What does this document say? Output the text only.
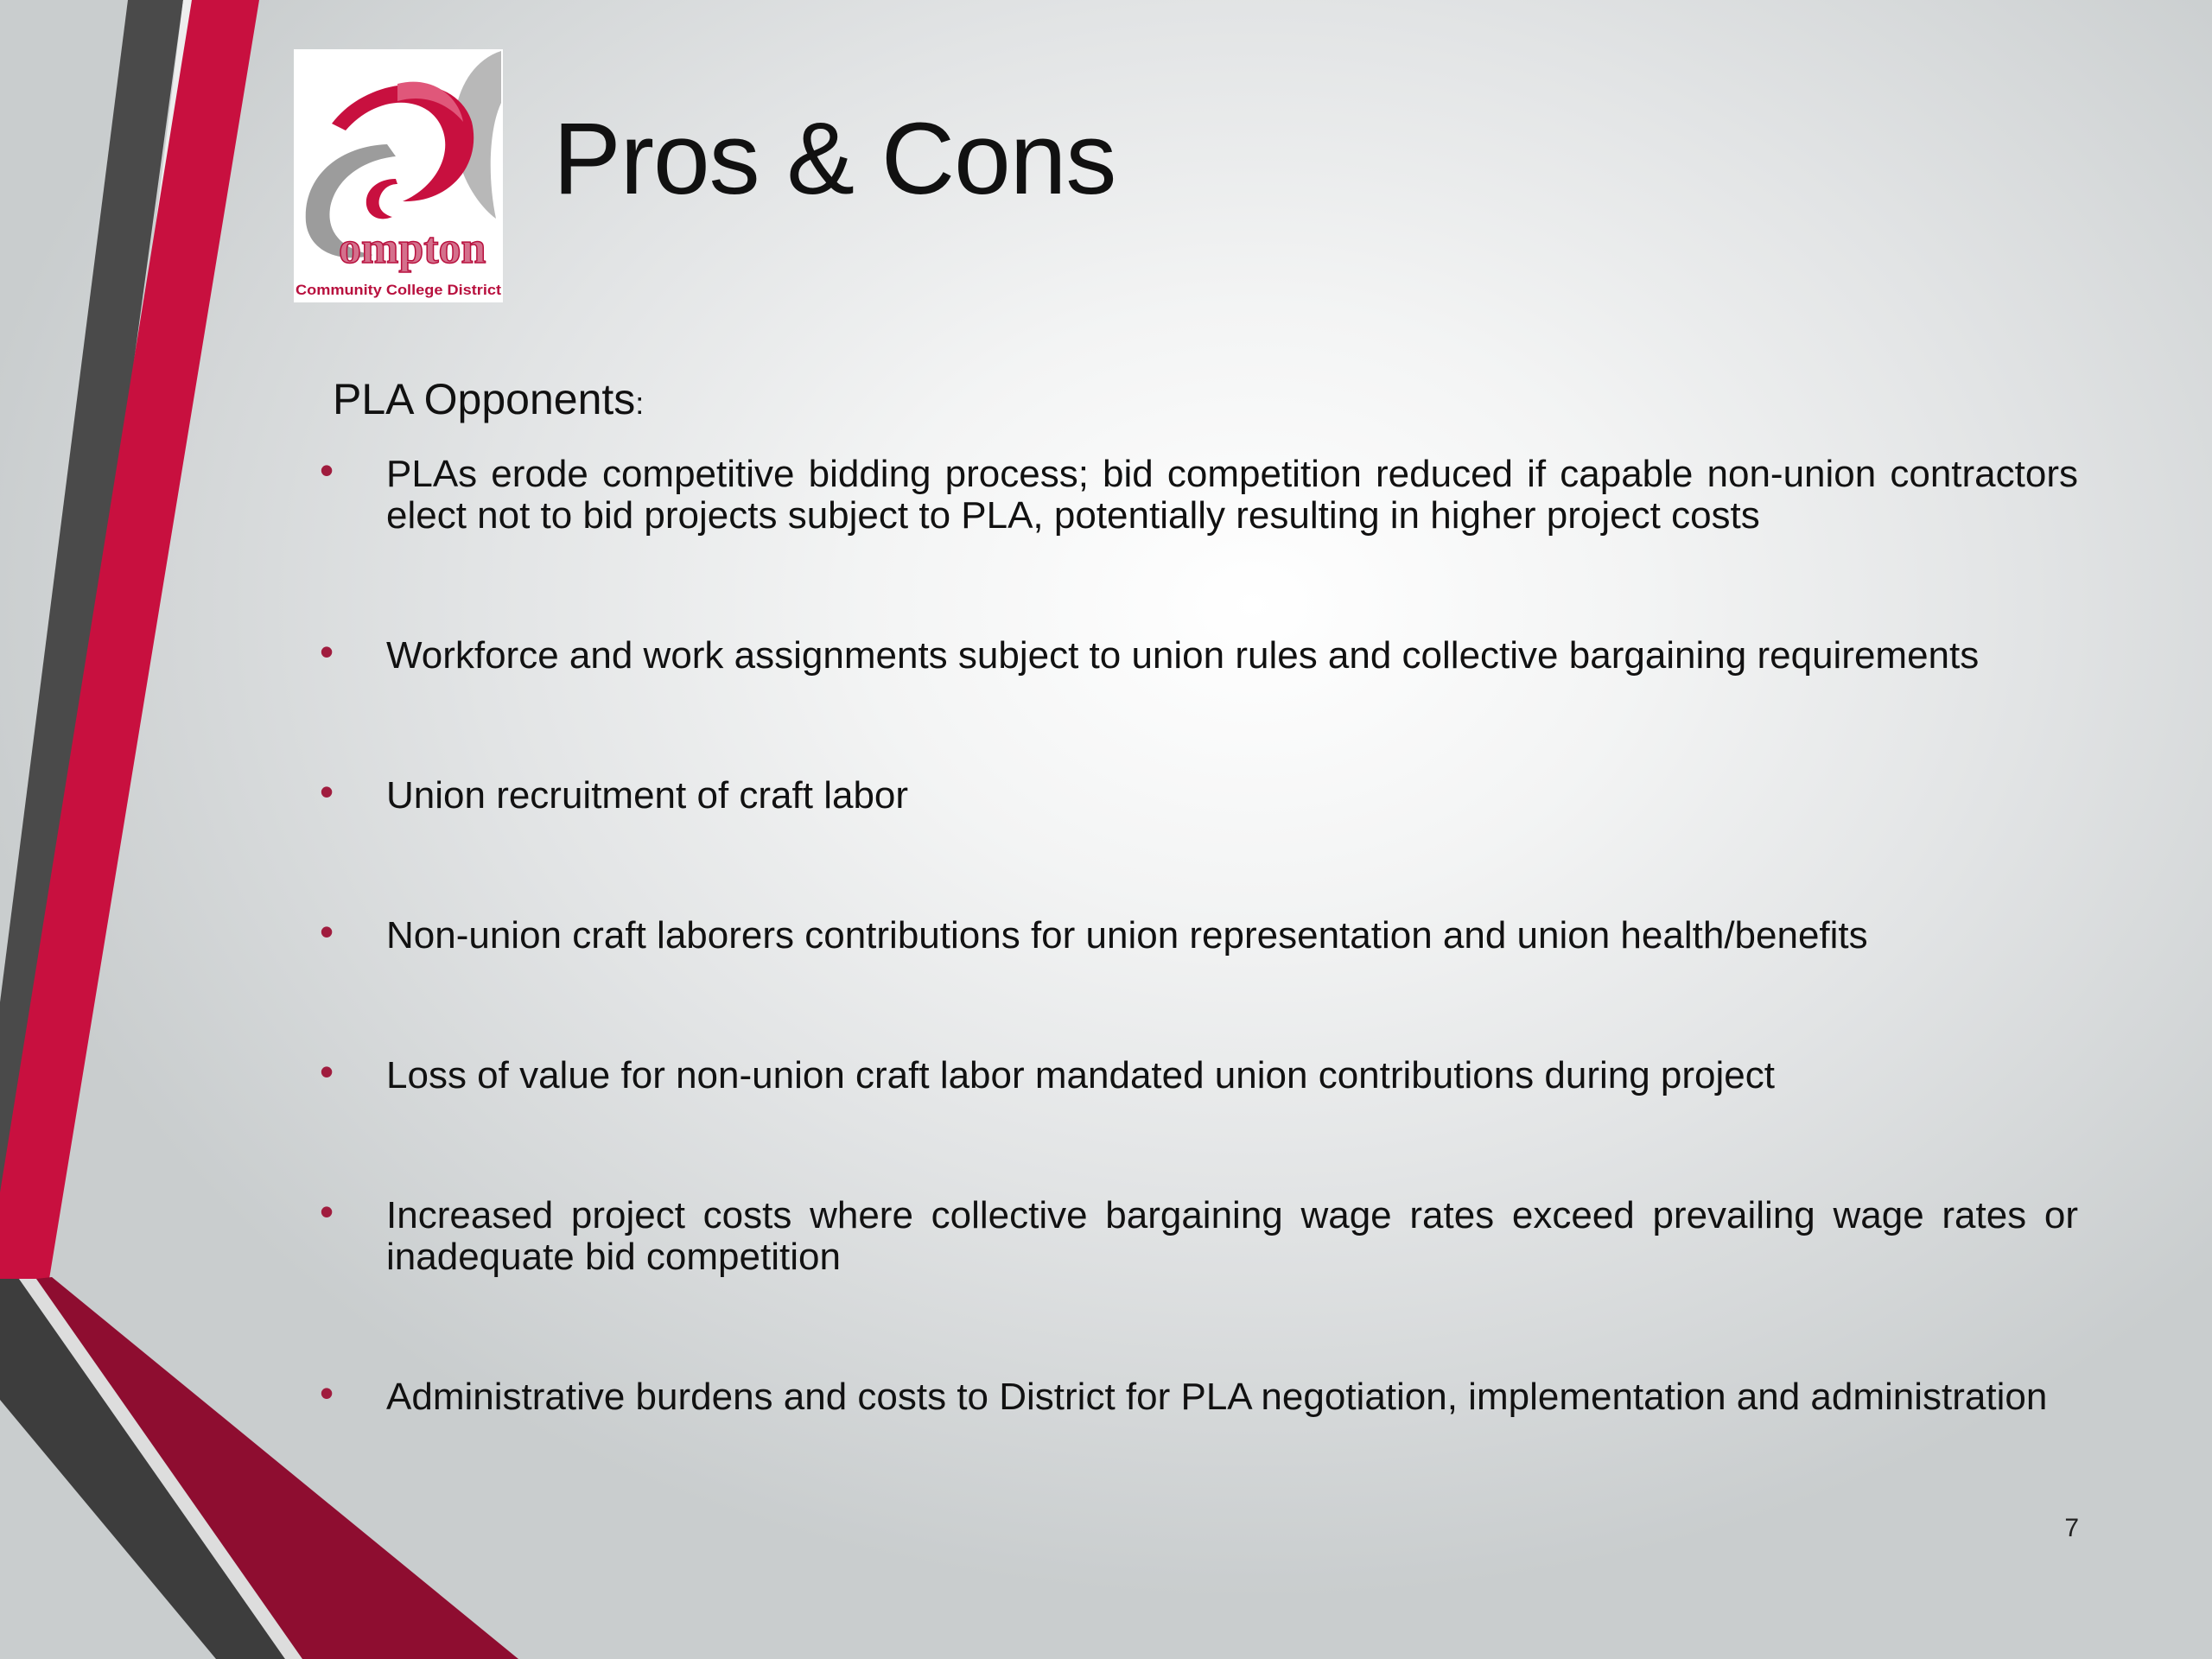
ompton
Community College District
Pros & Cons
PLA Opponents:
• PLAs erode competitive bidding process; bid competition reduced if capable non-union contractors elect not to bid projects subject to PLA, potentially resulting in higher project costs
• Workforce and work assignments subject to union rules and collective bargaining requirements
• Union recruitment of craft labor
• Non-union craft laborers contributions for union representation and union health/benefits
• Loss of value for non-union craft labor mandated union contributions during project
• Increased project costs where collective bargaining wage rates exceed prevailing wage rates or inadequate bid competition
• Administrative burdens and costs to District for PLA negotiation, implementation and administration
7
